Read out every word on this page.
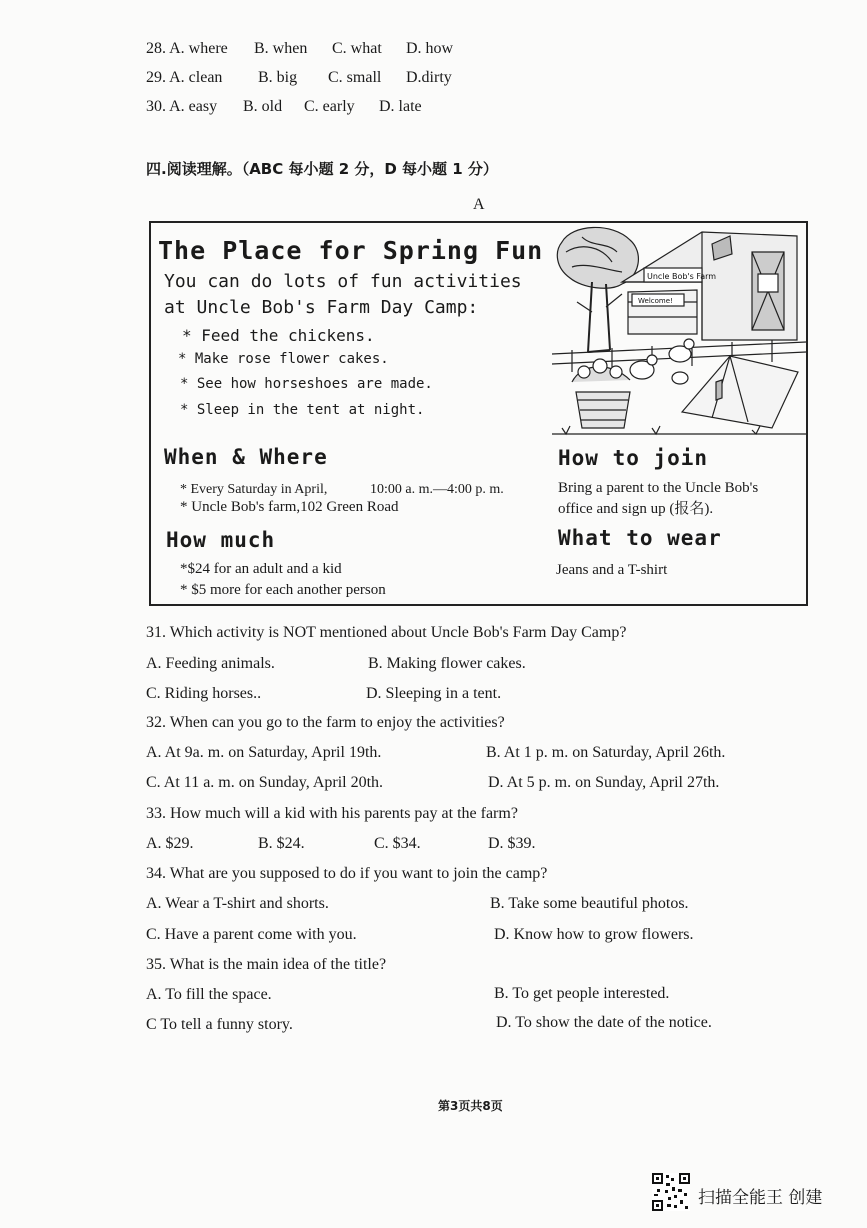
28. A. where B. when C. what D. how
29. A. clean B. big C. small D.dirty
30. A. easy B. old C. early D. late
四.阅读理解。（ABC 每小题 2 分，D 每小题 1 分）
A
The Place for Spring Fun
You can do lots of fun activities
at Uncle Bob's Farm Day Camp:
* Feed the chickens.
* Make rose flower cakes.
* See how horseshoes are made.
* Sleep in the tent at night.
When & Where
* Every Saturday in April,	10:00 a. m.—4:00 p. m.
* Uncle Bob's farm,102 Green Road
How much
*$24 for an adult and a kid
* $5 more for each another person
How to join
Bring a parent to the Uncle Bob's
office and sign up (报名).
What to wear
Jeans and a T-shirt
Uncle Bob's Farm
Welcome!
31. Which activity is NOT mentioned about Uncle Bob's Farm Day Camp?
A. Feeding animals.	B. Making flower cakes.
C. Riding horses..	D. Sleeping in a tent.
32. When can you go to the farm to enjoy the activities?
A. At 9a. m. on Saturday, April 19th.	B. At 1 p. m. on Saturday, April 26th.
C. At 11 a. m. on Sunday, April 20th.	D. At 5 p. m. on Sunday, April 27th.
33. How much will a kid with his parents pay at the farm?
A. $29.	B. $24.	C. $34.	D. $39.
34. What are you supposed to do if you want to join the camp?
A. Wear a T-shirt and shorts.	B. Take some beautiful photos.
C. Have a parent come with you.	D. Know how to grow flowers.
35. What is the main idea of the title?
A. To fill the space.	B. To get people interested.
C To tell a funny story.	D. To show the date of the notice.
第3页共8页
扫描全能王 创建
